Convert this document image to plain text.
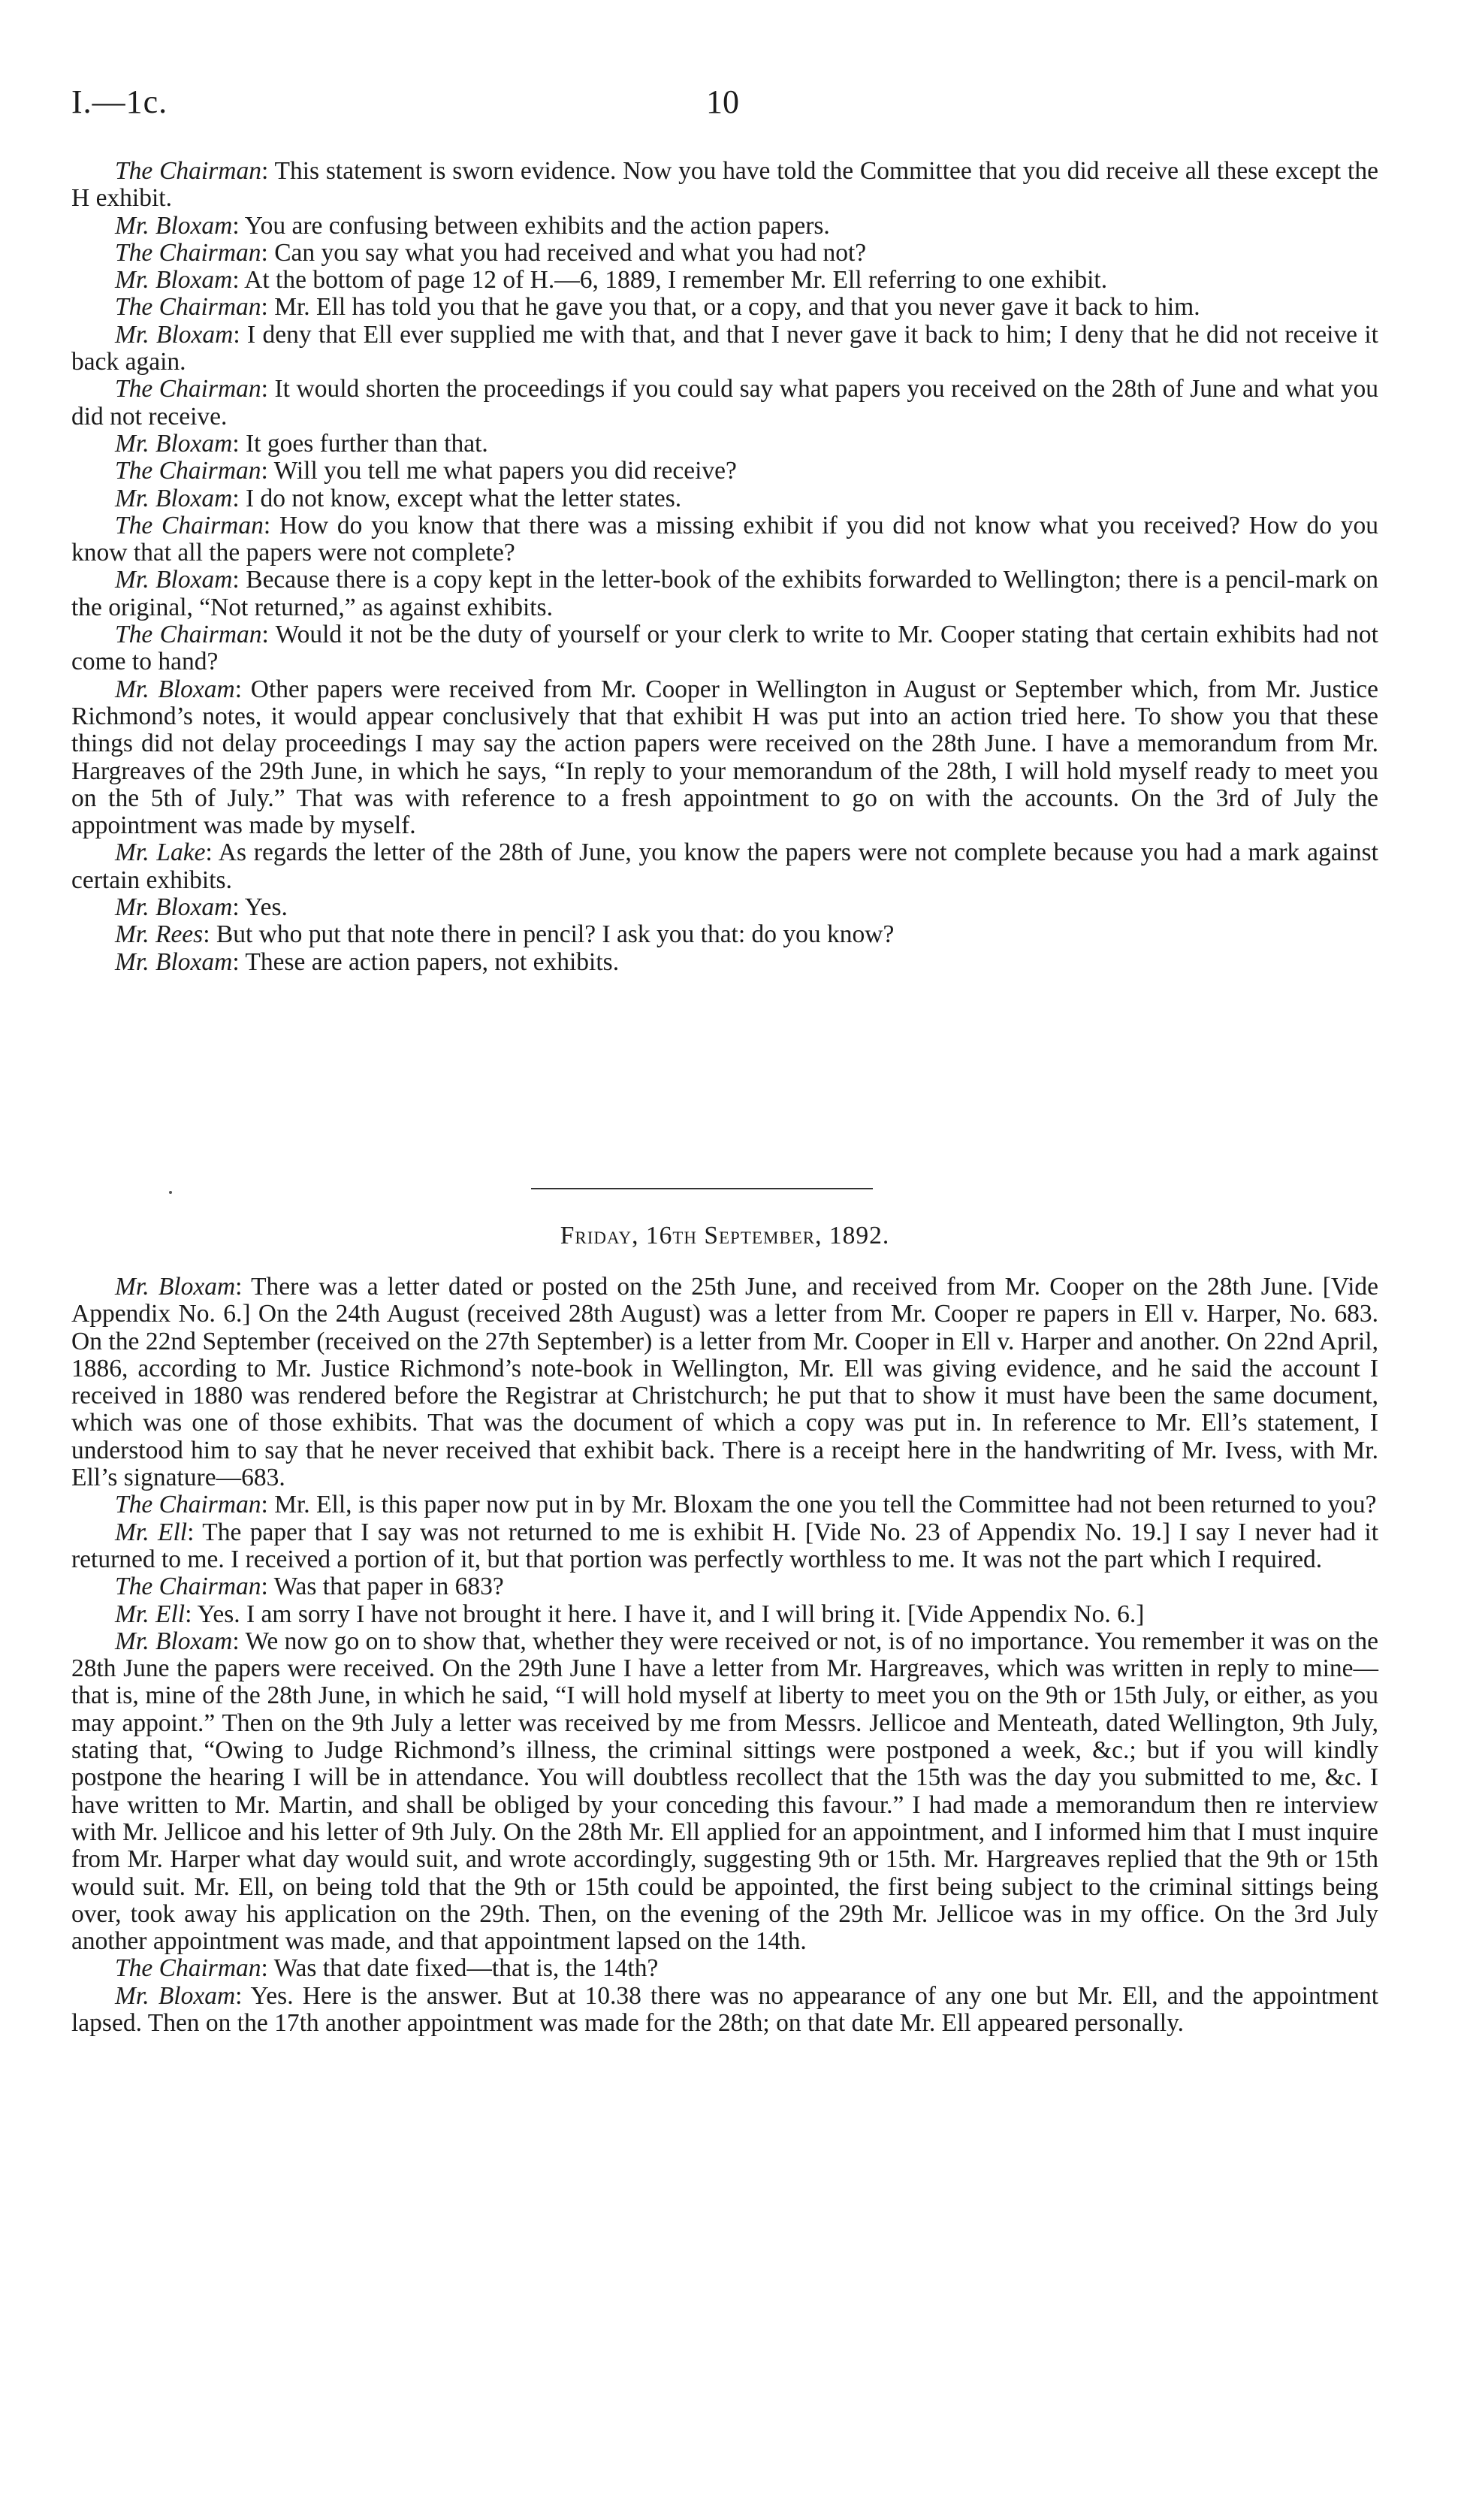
I.—1c.	10

The Chairman: This statement is sworn evidence. Now you have told the Committee that you did receive all these except the H exhibit.

Mr. Bloxam: You are confusing between exhibits and the action papers.

The Chairman: Can you say what you had received and what you had not?

Mr. Bloxam: At the bottom of page 12 of H.—6, 1889, I remember Mr. Ell referring to one exhibit.

The Chairman: Mr. Ell has told you that he gave you that, or a copy, and that you never gave it back to him.

Mr. Bloxam: I deny that Ell ever supplied me with that, and that I never gave it back to him; I deny that he did not receive it back again.

The Chairman: It would shorten the proceedings if you could say what papers you received on the 28th of June and what you did not receive.

Mr. Bloxam: It goes further than that.

The Chairman: Will you tell me what papers you did receive?

Mr. Bloxam: I do not know, except what the letter states.

The Chairman: How do you know that there was a missing exhibit if you did not know what you received? How do you know that all the papers were not complete?

Mr. Bloxam: Because there is a copy kept in the letter-book of the exhibits forwarded to Wellington; there is a pencil-mark on the original, “Not returned,” as against exhibits.

The Chairman: Would it not be the duty of yourself or your clerk to write to Mr. Cooper stating that certain exhibits had not come to hand?

Mr. Bloxam: Other papers were received from Mr. Cooper in Wellington in August or September which, from Mr. Justice Richmond’s notes, it would appear conclusively that that exhibit H was put into an action tried here. To show you that these things did not delay proceedings I may say the action papers were received on the 28th June. I have a memorandum from Mr. Hargreaves of the 29th June, in which he says, “In reply to your memorandum of the 28th, I will hold myself ready to meet you on the 5th of July.” That was with reference to a fresh appointment to go on with the accounts. On the 3rd of July the appointment was made by myself.

Mr. Lake: As regards the letter of the 28th of June, you know the papers were not complete because you had a mark against certain exhibits.

Mr. Bloxam: Yes.

Mr. Rees: But who put that note there in pencil? I ask you that: do you know?

Mr. Bloxam: These are action papers, not exhibits.

Friday, 16th September, 1892.

Mr. Bloxam: There was a letter dated or posted on the 25th June, and received from Mr. Cooper on the 28th June. [Vide Appendix No. 6.] On the 24th August (received 28th August) was a letter from Mr. Cooper re papers in Ell v. Harper, No. 683. On the 22nd September (received on the 27th September) is a letter from Mr. Cooper in Ell v. Harper and another. On 22nd April, 1886, according to Mr. Justice Richmond’s note-book in Wellington, Mr. Ell was giving evidence, and he said the account I received in 1880 was rendered before the Registrar at Christchurch; he put that to show it must have been the same document, which was one of those exhibits. That was the document of which a copy was put in. In reference to Mr. Ell’s statement, I understood him to say that he never received that exhibit back. There is a receipt here in the handwriting of Mr. Ivess, with Mr. Ell’s signature—683.

The Chairman: Mr. Ell, is this paper now put in by Mr. Bloxam the one you tell the Committee had not been returned to you?

Mr. Ell: The paper that I say was not returned to me is exhibit H. [Vide No. 23 of Appendix No. 19.] I say I never had it returned to me. I received a portion of it, but that portion was perfectly worthless to me. It was not the part which I required.

The Chairman: Was that paper in 683?

Mr. Ell: Yes. I am sorry I have not brought it here. I have it, and I will bring it. [Vide Appendix No. 6.]

Mr. Bloxam: We now go on to show that, whether they were received or not, is of no importance. You remember it was on the 28th June the papers were received. On the 29th June I have a letter from Mr. Hargreaves, which was written in reply to mine—that is, mine of the 28th June, in which he said, “I will hold myself at liberty to meet you on the 9th or 15th July, or either, as you may appoint.” Then on the 9th July a letter was received by me from Messrs. Jellicoe and Menteath, dated Wellington, 9th July, stating that, “Owing to Judge Richmond’s illness, the criminal sittings were postponed a week, &c.; but if you will kindly postpone the hearing I will be in attendance. You will doubtless recollect that the 15th was the day you submitted to me, &c. I have written to Mr. Martin, and shall be obliged by your conceding this favour.” I had made a memorandum then re interview with Mr. Jellicoe and his letter of 9th July. On the 28th Mr. Ell applied for an appointment, and I informed him that I must inquire from Mr. Harper what day would suit, and wrote accordingly, suggesting 9th or 15th. Mr. Hargreaves replied that the 9th or 15th would suit. Mr. Ell, on being told that the 9th or 15th could be appointed, the first being subject to the criminal sittings being over, took away his application on the 29th. Then, on the evening of the 29th Mr. Jellicoe was in my office. On the 3rd July another appointment was made, and that appointment lapsed on the 14th.

The Chairman: Was that date fixed—that is, the 14th?

Mr. Bloxam: Yes. Here is the answer. But at 10.38 there was no appearance of any one but Mr. Ell, and the appointment lapsed. Then on the 17th another appointment was made for the 28th; on that date Mr. Ell appeared personally.
